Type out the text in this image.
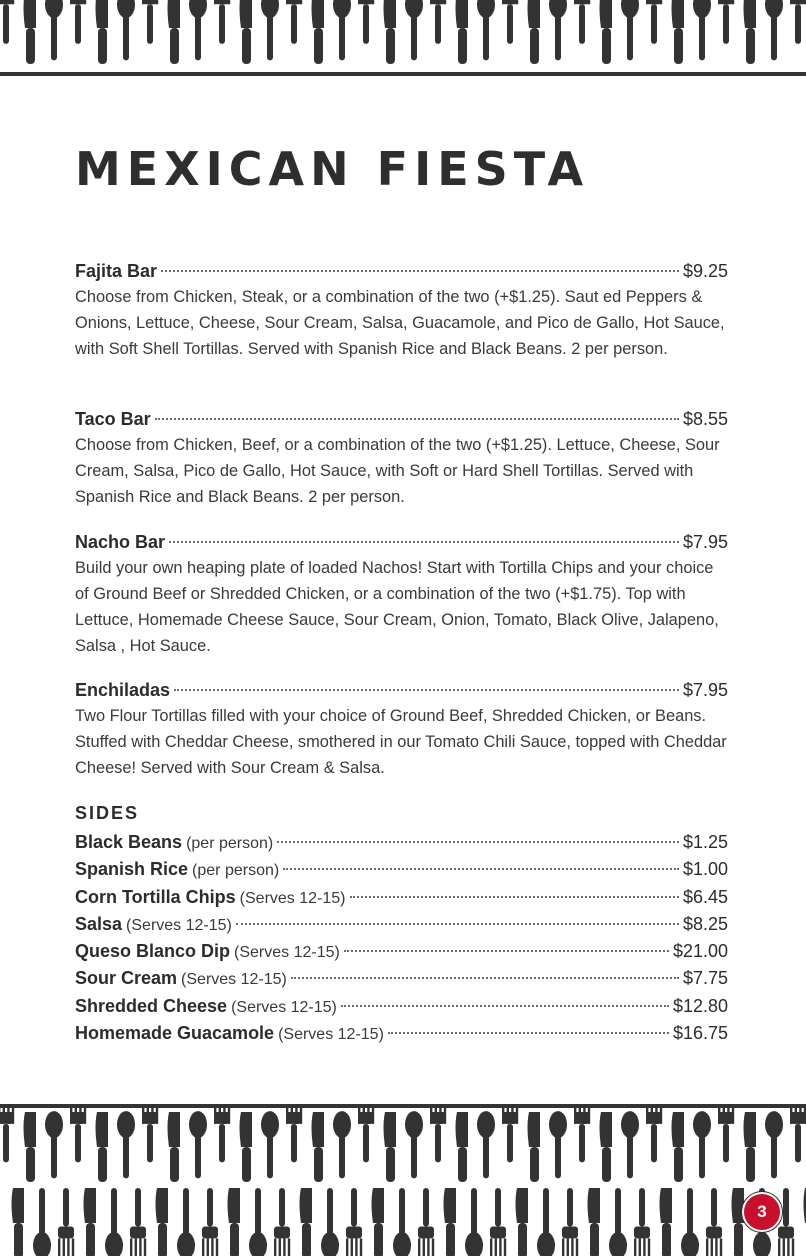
MEXICAN FIESTA
Fajita Bar	$9.25

Choose from Chicken, Steak, or a combination of the two (+$1.25). Saut ed Peppers & Onions, Lettuce, Cheese, Sour Cream, Salsa, Guacamole, and Pico de Gallo, Hot Sauce, with Soft Shell Tortillas. Served with Spanish Rice and Black Beans. 2 per person.

Taco Bar	$8.55

Choose from Chicken, Beef, or a combination of the two (+$1.25). Lettuce, Cheese, Sour Cream, Salsa, Pico de Gallo, Hot Sauce, with Soft or Hard Shell Tortillas. Served with Spanish Rice and Black Beans. 2 per person.

Nacho Bar	$7.95

Build your own heaping plate of loaded Nachos! Start with Tortilla Chips and your choice of Ground Beef or Shredded Chicken, or a combination of the two (+$1.75). Top with Lettuce, Homemade Cheese Sauce, Sour Cream, Onion, Tomato, Black Olive, Jalapeno, Salsa , Hot Sauce.

Enchiladas	$7.95

Two Flour Tortillas filled with your choice of Ground Beef, Shredded Chicken, or Beans. Stuffed with Cheddar Cheese, smothered in our Tomato Chili Sauce, topped with Cheddar Cheese! Served with Sour Cream & Salsa.

SIDES
Black Beans (per person)	$1.25
Spanish Rice (per person)	$1.00
Corn Tortilla Chips (Serves 12-15)	$6.45
Salsa (Serves 12-15)	$8.25
Queso Blanco Dip (Serves 12-15)	$21.00
Sour Cream (Serves 12-15)	$7.75
Shredded Cheese (Serves 12-15)	$12.80
Homemade Guacamole (Serves 12-15)	$16.75
3
